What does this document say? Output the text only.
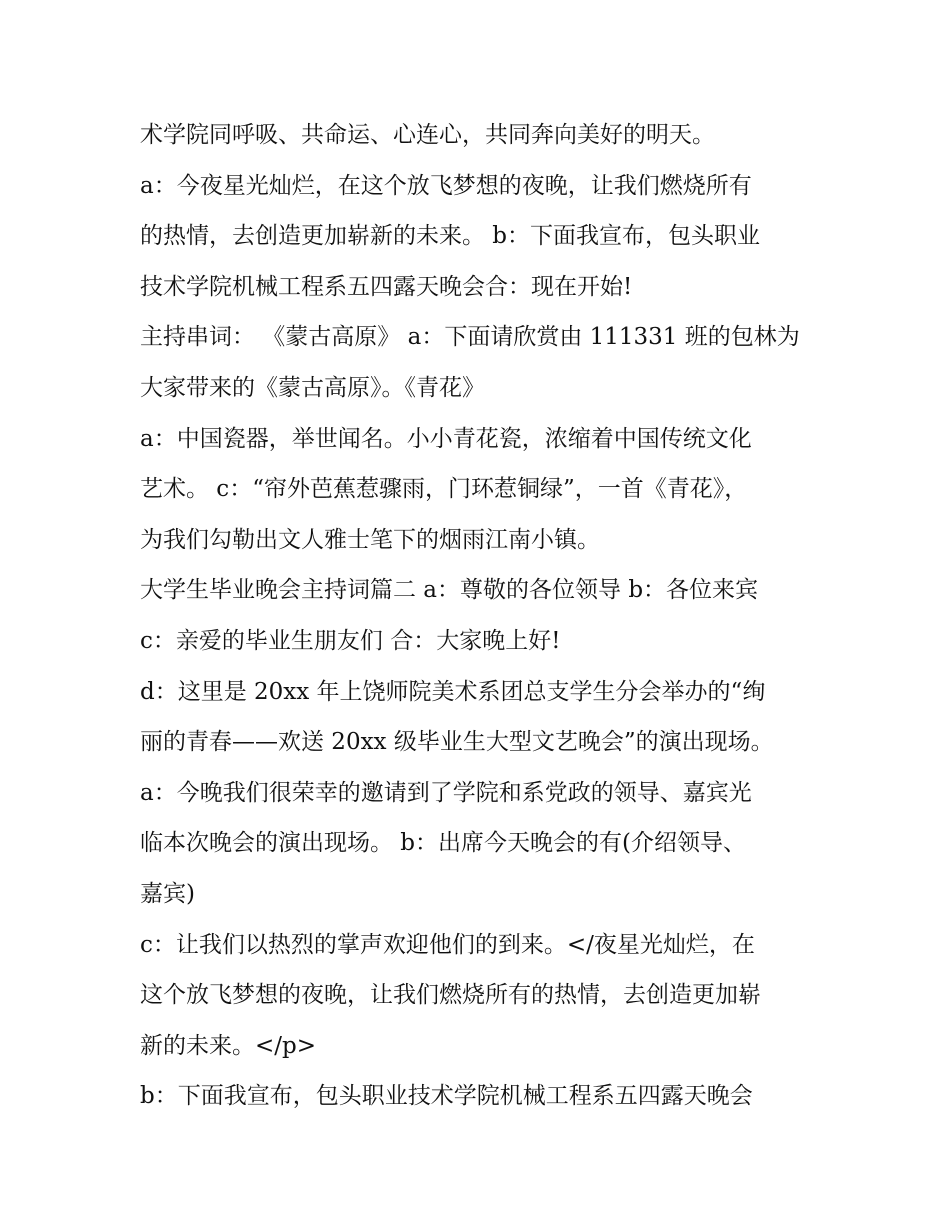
术学院同呼吸、共命运、心连心，共同奔向美好的明天。
a：今夜星光灿烂，在这个放飞梦想的夜晚，让我们燃烧所有
的热情，去创造更加崭新的未来。 b：下面我宣布，包头职业
技术学院机械工程系五四露天晚会合：现在开始!
主持串词： 《蒙古高原》 a：下面请欣赏由 111331 班的包林为
大家带来的《蒙古高原》。《青花》
a：中国瓷器，举世闻名。小小青花瓷，浓缩着中国传统文化
艺术。 c：“帘外芭蕉惹骤雨，门环惹铜绿”，一首《青花》，
为我们勾勒出文人雅士笔下的烟雨江南小镇。
大学生毕业晚会主持词篇二 a：尊敬的各位领导 b：各位来宾
c：亲爱的毕业生朋友们 合：大家晚上好!
d：这里是 20xx 年上饶师院美术系团总支学生分会举办的“绚
丽的青春——欢送 20xx 级毕业生大型文艺晚会”的演出现场。
a：今晚我们很荣幸的邀请到了学院和系党政的领导、嘉宾光
临本次晚会的演出现场。 b：出席今天晚会的有(介绍领导、
嘉宾)
c：让我们以热烈的掌声欢迎他们的到来。</夜星光灿烂，在
这个放飞梦想的夜晚，让我们燃烧所有的热情，去创造更加崭
新的未来。</p>
b：下面我宣布，包头职业技术学院机械工程系五四露天晚会
